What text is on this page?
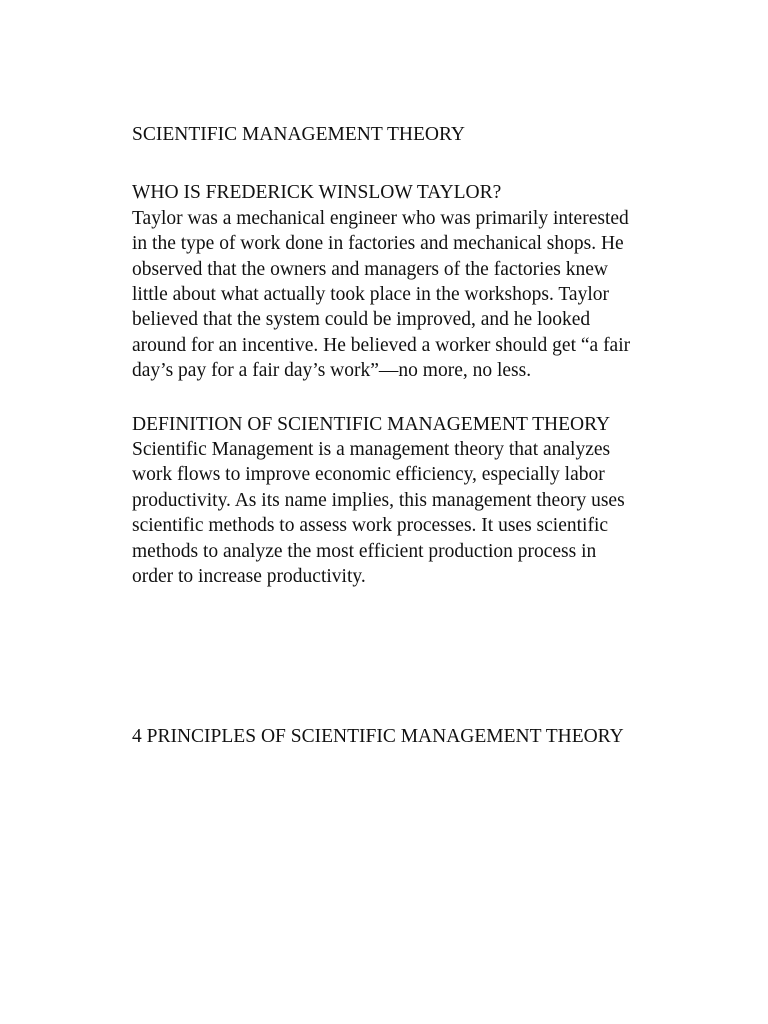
SCIENTIFIC MANAGEMENT THEORY
WHO IS FREDERICK WINSLOW TAYLOR?

Taylor was a mechanical engineer who was primarily interested in the type of work done in factories and mechanical shops. He observed that the owners and managers of the factories knew little about what actually took place in the workshops. Taylor believed that the system could be improved, and he looked around for an incentive. He believed a worker should get “a fair day’s pay for a fair day’s work”—no more, no less.

DEFINITION OF SCIENTIFIC MANAGEMENT THEORY

Scientific Management is a management theory that analyzes work flows to improve economic efficiency, especially labor productivity. As its name implies, this management theory uses scientific methods to assess work processes. It uses scientific methods to analyze the most efficient production process in order to increase productivity.

4 PRINCIPLES OF SCIENTIFIC MANAGEMENT THEORY
